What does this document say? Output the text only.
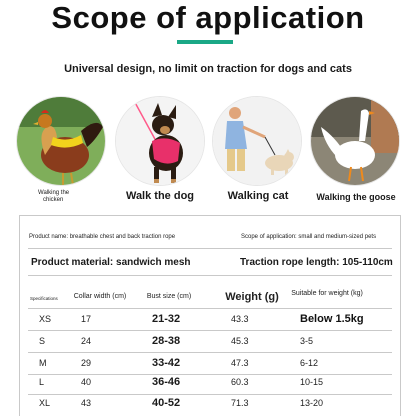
Scope of application
Universal design, no limit on traction for dogs and cats
Walking the
chicken	Walk the dog	Walking cat	Walking the goose
Product name: breathable chest and back traction rope	Scope of application: small and medium-sized pets
Product material: sandwich mesh	Traction rope length: 105-110cm
Specifications	Collar width (cm)	Bust size (cm)	Weight (g)	Suitable for weight (kg)
XS	17	21-32	43.3	Below 1.5kg
S	24	28-38	45.3	3-5
M	29	33-42	47.3	6-12
L	40	36-46	60.3	10-15
XL	43	40-52	71.3	13-20
